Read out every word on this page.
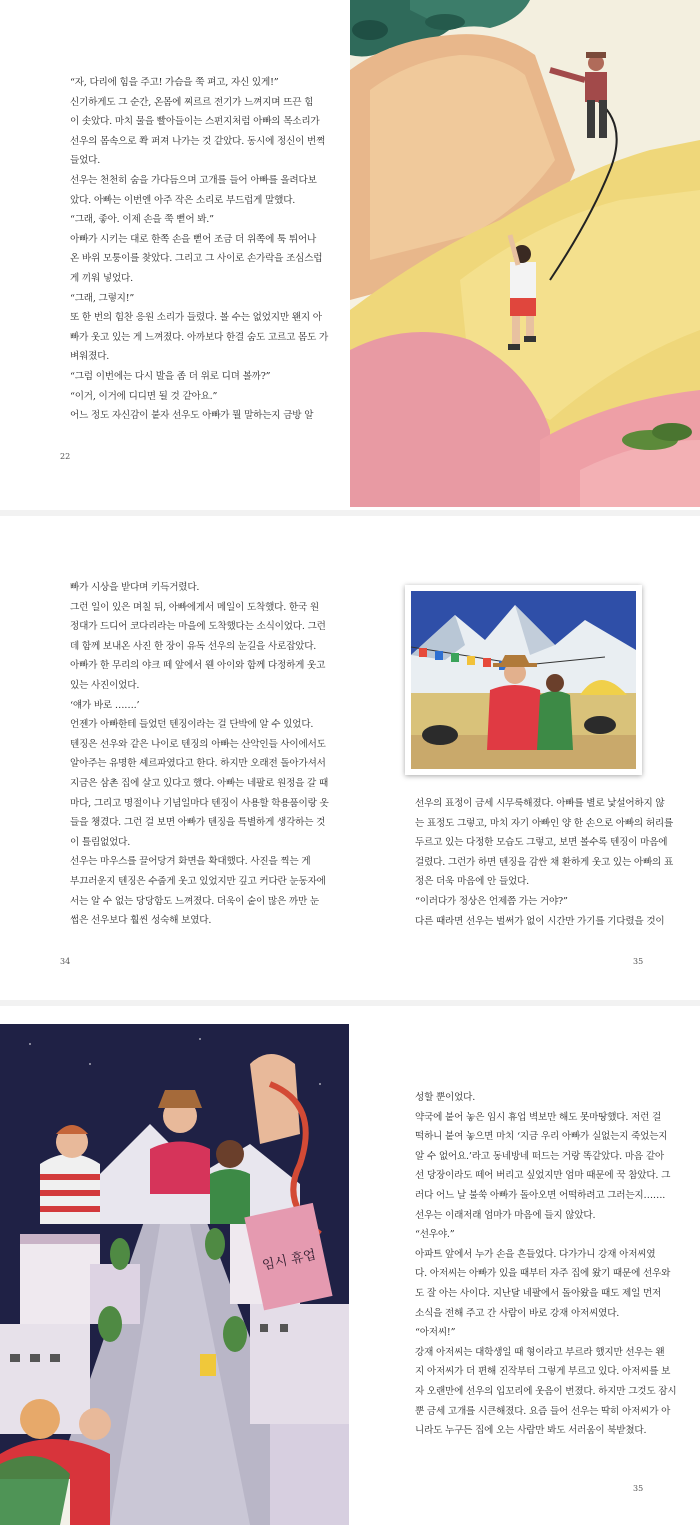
“자, 다리에 힘을 주고! 가슴을 쭉 펴고, 자신 있게!”

신기하게도 그 순간, 온몸에 찌르르 전기가 느껴지며 뜨끈 힘

이 솟았다. 마치 물을 빨아들이는 스펀지처럼 아빠의 목소리가

선우의 몸속으로 쫙 퍼져 나가는 것 같았다. 동시에 정신이 번쩍

들었다.

선우는 천천히 숨을 가다듬으며 고개를 들어 아빠를 올려다보

았다. 아빠는 이번엔 아주 작은 소리로 부드럽게 말했다.

“그래, 좋아. 이제 손을 쭉 뻗어 봐.”

아빠가 시키는 대로 한쪽 손을 뻗어 조금 더 위쪽에 툭 튀어나

온 바위 모퉁이를 찾았다. 그리고 그 사이로 손가락을 조심스럽

게 끼워 넣었다.

“그래, 그렇지!”

또 한 번의 힘찬 응원 소리가 들렸다. 볼 수는 없었지만 왠지 아

빠가 웃고 있는 게 느껴졌다. 아까보다 한결 숨도 고르고 몸도 가

벼워졌다.

“그럼 이번에는 다시 발을 좀 더 위로 디뎌 볼까?”

“이거, 이거에 디디면 될 것 같아요.”

어느 정도 자신감이 붙자 선우도 아빠가 뭘 말하는지 금방 알

22

빠가 시상을 받다며 키득거렸다.

그런 일이 있은 며칠 뒤, 아빠에게서 메일이 도착했다. 한국 원

정대가 드디어 코다리라는 마을에 도착했다는 소식이었다. 그런

데 함께 보내온 사진 한 장이 유독 선우의 눈길을 사로잡았다.

아빠가 한 무리의 야크 떼 앞에서 웬 아이와 함께 다정하게 웃고

있는 사진이었다.

‘얘가 바로 …….’

언젠가 아빠한테 들었던 텐징이라는 걸 단박에 알 수 있었다.

텐징은 선우와 같은 나이로 텐징의 아빠는 산악인들 사이에서도

알아주는 유명한 셰르파였다고 한다. 하지만 오래전 돌아가셔서

지금은 삼촌 집에 살고 있다고 했다. 아빠는 네팔로 원정을 갈 때

마다, 그리고 명절이나 기념일마다 텐징이 사용할 학용품이랑 옷

들을 챙겼다. 그런 걸 보면 아빠가 텐징을 특별하게 생각하는 것

이 틀림없었다.

선우는 마우스를 끌어당겨 화면을 확대했다. 사진을 찍는 게

부끄러운지 텐징은 수줍게 웃고 있었지만 깊고 커다란 눈동자에

서는 알 수 없는 당당함도 느껴졌다. 더욱이 숱이 많은 까만 눈

썹은 선우보다 훨씬 성숙해 보였다.

34

선우의 표정이 금세 시무룩해졌다. 아빠를 별로 낯설어하지 않

는 표정도 그렇고, 마치 자기 아빠인 양 한 손으로 아빠의 허리를

두르고 있는 다정한 모습도 그렇고, 보면 볼수록 텐징이 마음에

걸렸다. 그런가 하면 텐징을 감싼 채 환하게 웃고 있는 아빠의 표

정은 더욱 마음에 안 들었다.

“이러다가 정상은 언제쯤 가는 거야?”

다른 때라면 선우는 벌써가 없이 시간만 가기를 기다렸을 것이

35
임시 휴업

성할 뿐이었다.

약국에 붙어 놓은 임시 휴업 벽보만 해도 못마땅했다. 저런 걸

떡하니 붙여 놓으면 마치 ‘지금 우리 아빠가 실없는지 죽었는지

알 수 없어요.’라고 동네방네 떠드는 거랑 똑같았다. 마음 같아

선 당장이라도 떼어 버리고 싶었지만 엄마 때문에 꾹 참았다. 그

러다 어느 날 불쑥 아빠가 돌아오면 어떡하려고 그러는지…….

선우는 이래저래 엄마가 마음에 들지 않았다.

“선우야.”

아파트 앞에서 누가 손을 흔들었다. 다가가니 강재 아저씨였

다. 아저씨는 아빠가 있을 때부터 자주 집에 왔기 때문에 선우와

도 잘 아는 사이다. 지난달 네팔에서 돌아왔을 때도 제일 먼저

소식을 전해 주고 간 사람이 바로 강재 아저씨였다.

“아저씨!”

강재 아저씨는 대학생일 때 형이라고 부르라 했지만 선우는 왠

지 아저씨가 더 편해 진작부터 그렇게 부르고 있다. 아저씨를 보

자 오랜만에 선우의 입꼬리에 웃음이 번졌다. 하지만 그것도 잠시

뿐 금세 고개를 시큰해졌다. 요즘 들어 선우는 딱히 아저씨가 아

니라도 누구든 집에 오는 사람만 봐도 서러움이 북받쳤다.

35
